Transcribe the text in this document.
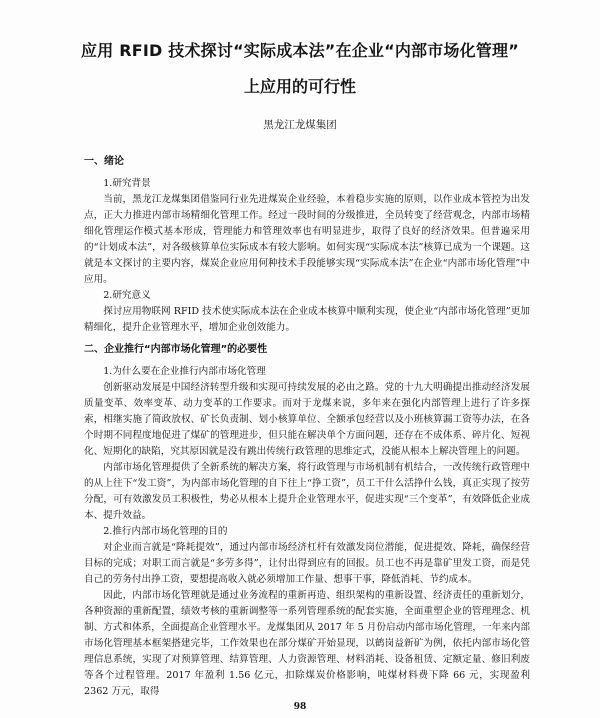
应用 RFID 技术探讨“实际成本法”在企业“内部市场化管理”
上应用的可行性
黑龙江龙煤集团
一、绪论

1.研究背景

当前，黑龙江龙煤集团借鉴同行业先进煤炭企业经验，本着稳步实施的原则，以作业成本管控为出发点，正大力推进内部市场精细化管理工作。经过一段时间的分级推进，全员转变了经营观念，内部市场精细化管理运作模式基本形成，管理能力和管理效率也有明显进步，取得了良好的经济效果。但普遍采用的“计划成本法”，对各级核算单位实际成本有较大影响。如何实现“实际成本法”核算已成为一个课题。这就是本文探讨的主要内容，煤炭企业应用何种技术手段能够实现“实际成本法”在企业“内部市场化管理”中应用。

2.研究意义

探讨应用物联网 RFID 技术使实际成本法在企业成本核算中顺利实现，使企业“内部市场化管理”更加精细化，提升企业管理水平，增加企业创效能力。

二、企业推行“内部市场化管理”的必要性

1.为什么要在企业推行内部市场化管理

创新驱动发展是中国经济转型升级和实现可持续发展的必由之路。党的十九大明确提出推动经济发展质量变革、效率变革、动力变革的工作要求。而对于龙煤来说，多年来在强化内部管理上进行了许多探索，相继实施了简政放权、矿长负责制、划小核算单位、全额承包经营以及小班核算漏工资等办法，在各个时期不同程度地促进了煤矿的管理进步，但只能在解决单个方面问题，还存在不成体系、碎片化、短视化、短期化的缺陷，究其原因就是没有跳出传统行政管理的思维定式，没能从根本上解决管理上的问题。

内部市场化管理提供了全新系统的解决方案，将行政管理与市场机制有机结合，一改传统行政管理中的从上往下“发工资”，为内部市场化管理的自下往上“挣工资”，员工干什么活挣什么钱，真正实现了按劳分配，可有效激发员工积极性，势必从根本上提升企业管理水平，促进实现“三个变革”，有效降低企业成本、提升效益。

2.推行内部市场化管理的目的

对企业而言就是“降耗提效”，通过内部市场经济杠杆有效激发岗位潜能，促进提效、降耗，确保经营目标的完成；对职工而言就是“多劳多得”，让付出得到应有的回报。员工也不再是靠矿里发工资，而是凭自己的劳务付出挣工资，要想提高收入就必须增加工作量、想事干事，降低消耗、节约成本。

因此，内部市场化管理就是通过业务流程的重新再造、组织架构的重新设置、经济责任的重新划分，各种资源的重新配置，绩效考核的重新调整等一系列管理系统的配套实施，全面重塑企业的管理理念、机制、方式和体系，全面提高企业管理水平。龙煤集团从 2017 年 5 月份启动内部市场化管理，一年来内部市场化管理基本框架搭建完毕，工作效果也在部分煤矿开始显现，以鹤岗益新矿为例，依托内部市场化管理信息系统，实现了对预算管理、结算管理、人力资源管理、材料消耗、设备租赁、定额定量、修旧利废等各个过程管理。2017 年盈利 1.56 亿元，扣除煤炭价格影响，吨煤材料费下降 66 元，实现盈利 2362 万元，取得

98
